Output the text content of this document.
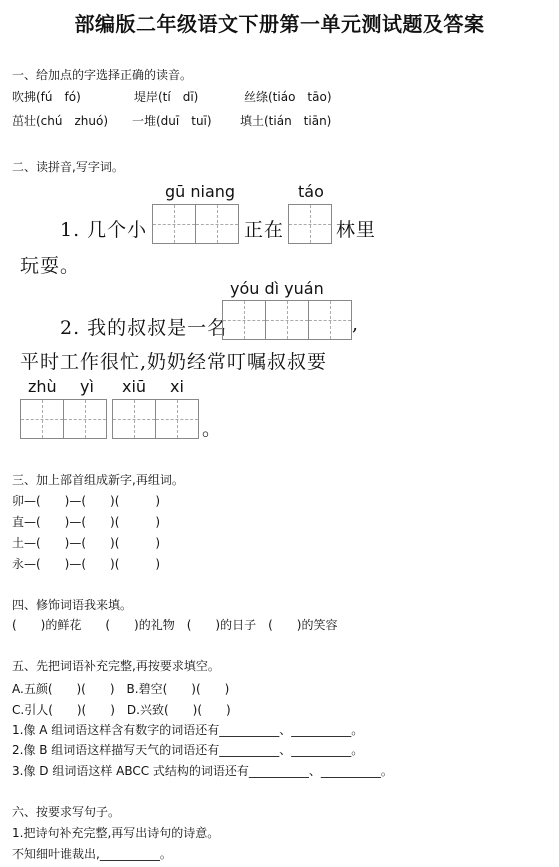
部编版二年级语文下册第一单元测试题及答案
一、给加点的字选择正确的读音。
吹拂(fú　fó)	堤岸(tí　dī)	丝绦(tiáo　tāo)
茁壮(chú　zhuó) 一堆(duī　tuī) 填土(tián　tiān)
二、读拼音,写字词。
gū niang	táo
1. 几个小	正在	林里
玩耍。
yóu dì yuán
2. 我的叔叔是一名	,
平时工作很忙,奶奶经常叮嘱叔叔要
zhù yì xiū xi
。
三、加上部首组成新字,再组词。
卯—(　　)—(　　)(　　　)
直—(　　)—(　　)(　　　)
土—(　　)—(　　)(　　　)
永—(　　)—(　　)(　　　)
四、修饰词语我来填。
(　　)的鲜花　　(　　)的礼物　(　　)的日子　(　　)的笑容
五、先把词语补充完整,再按要求填空。
A.五颜(　　)(　　)　B.碧空(　　)(　　)
C.引人(　　)(　　)　D.兴致(　　)(　　)
1.像 A 组词语这样含有数字的词语还有__________、__________。
2.像 B 组词语这样描写天气的词语还有__________、__________。
3.像 D 组词语这样 ABCC 式结构的词语还有__________、__________。
六、按要求写句子。
1.把诗句补充完整,再写出诗句的诗意。
不知细叶谁裁出,__________。
